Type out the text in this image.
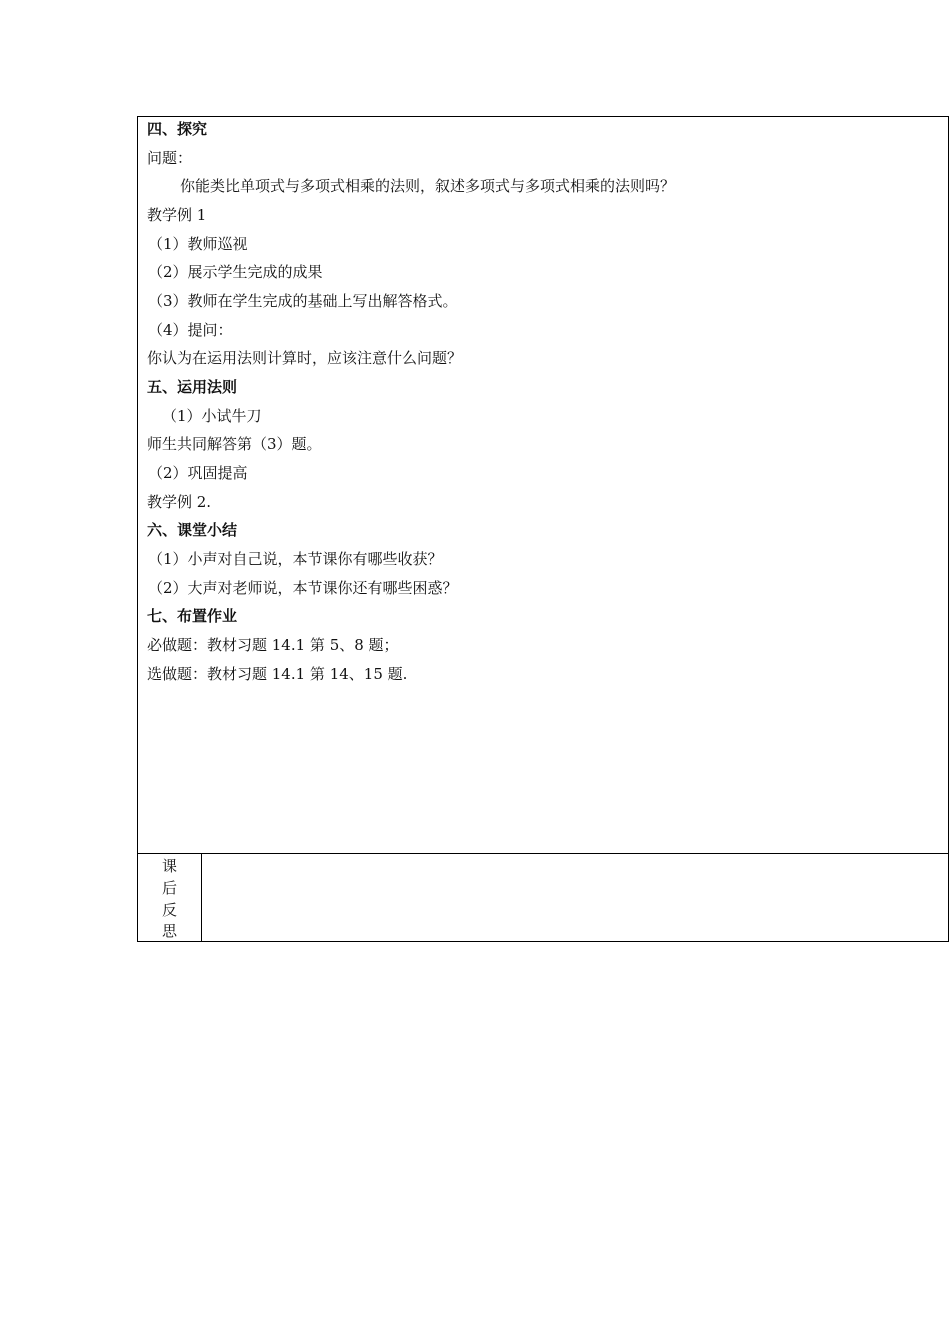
四、探究
问题：
你能类比单项式与多项式相乘的法则，叙述多项式与多项式相乘的法则吗？
教学例 1
（1）教师巡视
（2）展示学生完成的成果
（3）教师在学生完成的基础上写出解答格式。
（4）提问：
你认为在运用法则计算时，应该注意什么问题？
五、运用法则
（1）小试牛刀
师生共同解答第（3）题。
（2）巩固提高
教学例 2.
六、课堂小结
（1）小声对自己说，本节课你有哪些收获？
（2）大声对老师说，本节课你还有哪些困惑？
七、布置作业
必做题：教材习题 14.1 第 5、8 题；
选做题：教材习题 14.1 第 14、15 题.
课
后
反
思
